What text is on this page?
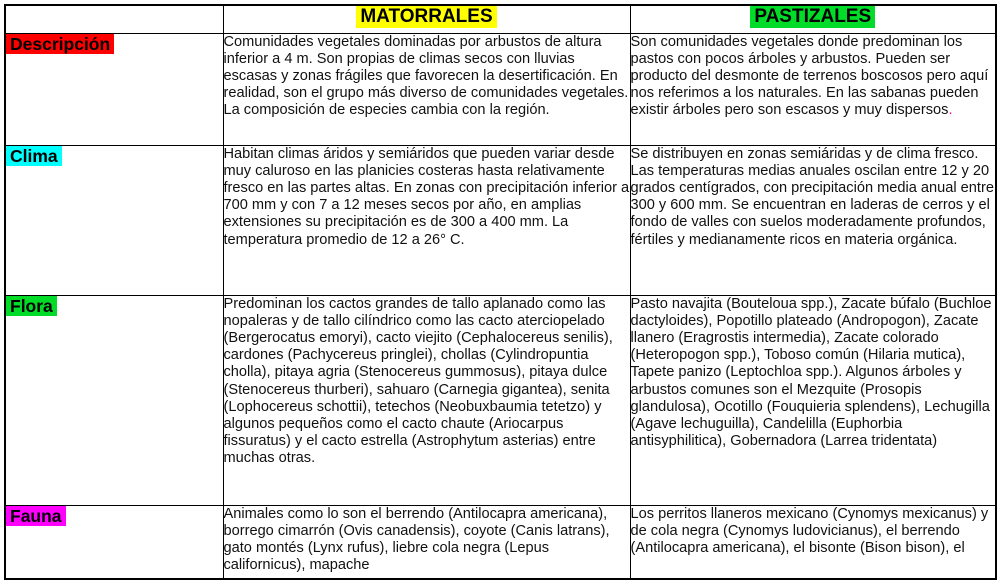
	MATORRALES	PASTIZALES
Descripción	Comunidades vegetales dominadas por arbustos de altura inferior a 4 m. Son propias de climas secos con lluvias escasas y zonas frágiles que favorecen la desertificación. En realidad, son el grupo más diverso de comunidades vegetales. La composición de especies cambia con la región.	Son comunidades vegetales donde predominan los pastos con pocos árboles y arbustos. Pueden ser producto del desmonte de terrenos boscosos pero aquí nos referimos a los naturales. En las sabanas pueden existir árboles pero son escasos y muy dispersos.
Clima	Habitan climas áridos y semiáridos que pueden variar desde muy caluroso en las planicies costeras hasta relativamente fresco en las partes altas. En zonas con precipitación inferior a 700 mm y con 7 a 12 meses secos por año, en amplias extensiones su precipitación es de 300 a 400 mm. La temperatura promedio de 12 a 26° C.	Se distribuyen en zonas semiáridas y de clima fresco. Las temperaturas medias anuales oscilan entre 12 y 20 grados centígrados, con precipitación media anual entre 300 y 600 mm. Se encuentran en laderas de cerros y el fondo de valles con suelos moderadamente profundos, fértiles y medianamente ricos en materia orgánica.
Flora	Predominan los cactos grandes de tallo aplanado como las nopaleras y de tallo cilíndrico como las cacto aterciopelado (Bergerocatus emoryi), cacto viejito (Cephalocereus senilis), cardones (Pachycereus pringlei), chollas (Cylindropuntia cholla), pitaya agria (Stenocereus gummosus), pitaya dulce (Stenocereus thurberi), sahuaro (Carnegia gigantea), senita (Lophocereus schottii), tetechos (Neobuxbaumia tetetzo) y algunos pequeños como el cacto chaute (Ariocarpus fissuratus) y el cacto estrella (Astrophytum asterias) entre muchas otras.	Pasto navajita (Bouteloua spp.), Zacate búfalo (Buchloe dactyloides), Popotillo plateado (Andropogon), Zacate llanero (Eragrostis intermedia), Zacate colorado (Heteropogon spp.), Toboso común (Hilaria mutica), Tapete panizo (Leptochloa spp.). Algunos árboles y arbustos comunes son el Mezquite (Prosopis glandulosa), Ocotillo (Fouquieria splendens), Lechugilla (Agave lechuguilla), Candelilla (Euphorbia antisyphilitica), Gobernadora (Larrea tridentata)
Fauna	Animales como lo son el berrendo (Antilocapra americana), borrego cimarrón (Ovis canadensis), coyote (Canis latrans), gato montés (Lynx rufus), liebre cola negra (Lepus californicus), mapache	Los perritos llaneros mexicano (Cynomys mexicanus) y de cola negra (Cynomys ludovicianus), el berrendo (Antilocapra americana), el bisonte (Bison bison), el
